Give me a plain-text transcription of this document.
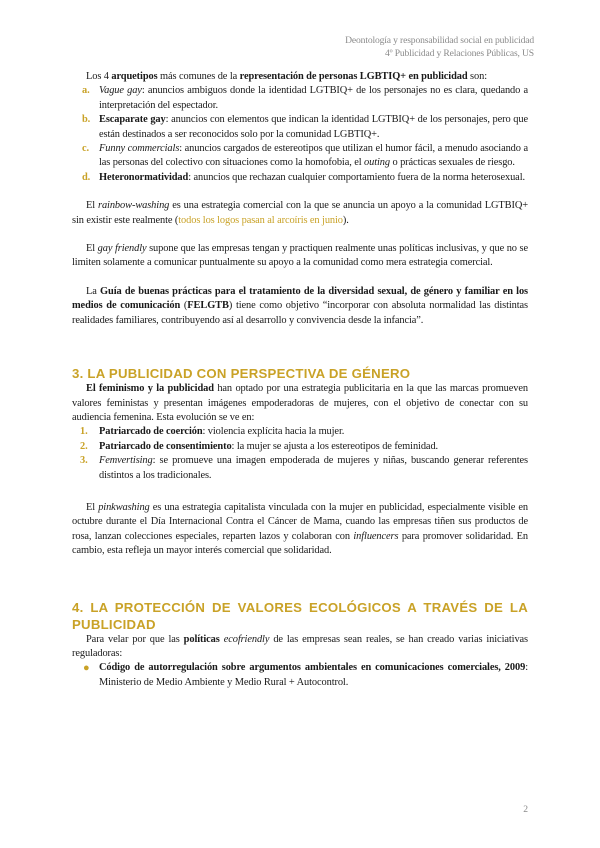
Deontología y responsabilidad social en publicidad
4º Publicidad y Relaciones Públicas, US

Los 4 arquetipos más comunes de la representación de personas LGBTIQ+ en publicidad son:

a. Vague gay: anuncios ambiguos donde la identidad LGTBIQ+ de los personajes no es clara, quedando a interpretación del espectador.
b. Escaparate gay: anuncios con elementos que indican la identidad LGTBIQ+ de los personajes, pero que están destinados a ser reconocidos solo por la comunidad LGBTIQ+.
c. Funny commercials: anuncios cargados de estereotipos que utilizan el humor fácil, a menudo asociando a las personas del colectivo con situaciones como la homofobia, el outing o prácticas sexuales de riesgo.
d. Heteronormatividad: anuncios que rechazan cualquier comportamiento fuera de la norma heterosexual.

El rainbow-washing es una estrategia comercial con la que se anuncia un apoyo a la comunidad LGTBIQ+ sin existir este realmente (todos los logos pasan al arcoíris en junio).

El gay friendly supone que las empresas tengan y practiquen realmente unas políticas inclusivas, y que no se limiten solamente a comunicar puntualmente su apoyo a la comunidad como mera estrategia comercial.

La Guía de buenas prácticas para el tratamiento de la diversidad sexual, de género y familiar en los medios de comunicación (FELGTB) tiene como objetivo “incorporar con absoluta normalidad las distintas realidades familiares, contribuyendo así al desarrollo y convivencia desde la infancia”.

3. LA PUBLICIDAD CON PERSPECTIVA DE GÉNERO

El feminismo y la publicidad han optado por una estrategia publicitaria en la que las marcas promueven valores feministas y presentan imágenes empoderadoras de mujeres, con el objetivo de conectar con su audiencia femenina. Esta evolución se ve en:

1. Patriarcado de coerción: violencia explícita hacia la mujer.
2. Patriarcado de consentimiento: la mujer se ajusta a los estereotipos de feminidad.
3. Femvertising: se promueve una imagen empoderada de mujeres y niñas, buscando generar referentes distintos a los tradicionales.

El pinkwashing es una estrategia capitalista vinculada con la mujer en publicidad, especialmente visible en octubre durante el Día Internacional Contra el Cáncer de Mama, cuando las empresas tiñen sus productos de rosa, lanzan colecciones especiales, reparten lazos y colaboran con influencers para promover solidaridad. En cambio, esta refleja un mayor interés comercial que solidaridad.

4. LA PROTECCIÓN DE VALORES ECOLÓGICOS A TRAVÉS DE LA PUBLICIDAD

Para velar por que las políticas ecofriendly de las empresas sean reales, se han creado varias iniciativas reguladoras:

● Código de autorregulación sobre argumentos ambientales en comunicaciones comerciales, 2009: Ministerio de Medio Ambiente y Medio Rural + Autocontrol.
2
